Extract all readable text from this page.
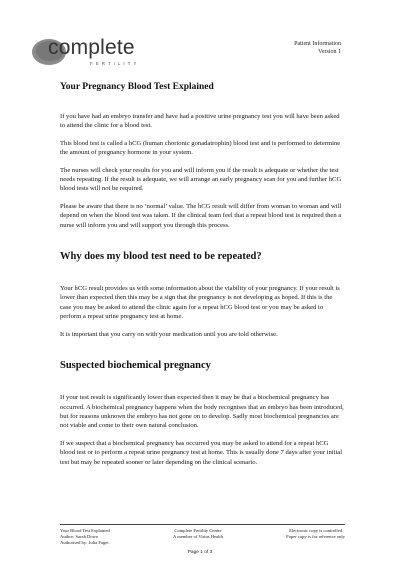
complete
FERTILITY
Patient Information
Version 1
Your Pregnancy Blood Test Explained

If you have had an embryo transfer and have had a positive urine pregnancy test you will have been asked to attend the clinic for a blood test.

This blood test is called a hCG (human chorionic gonadatrophin) blood test and is performed to determine the amount of pregnancy hormone in your system.

The nurses will check your results for you and will inform you if the result is adequate or whether the test needs repeating. If the result is adequate, we will arrange an early pregnancy scan for you and further hCG blood tests will not be required.

Please be aware that there is no ‘normal’ value. The hCG result will differ from woman to woman and will depend on when the blood test was taken. If the clinical team feel that a repeat blood test is required then a nurse will inform you and will support you through this process.

Why does my blood test need to be repeated?

Your hCG result provides us with some information about the viability of your pregnancy. If your result is lower than expected then this may be a sign that the pregnancy is not developing as hoped. If this is the case you may be asked to attend the clinic again for a repeat hCG blood test or you may be asked to perform a repeat urine pregnancy test at home.

It is important that you carry on with your medication until you are told otherwise.

Suspected biochemical pregnancy

If your test result is significantly lower than expected then it may be that a biochemical pregnancy has occurred. A biochemical pregnancy happens when the body recognises that an embryo has been introduced, but for reasons unknown the embryo has not gone on to develop. Sadly most biochemical pregnancies are not viable and come to their own natural conclusion.

If we suspect that a biochemical pregnancy has occurred you may be asked to attend for a repeat hCG blood test or to perform a repeat urine pregnancy test at home. This is usually done 7 days after your initial test but may be repeated sooner or later depending on the clinical scenario.

Your Blood Test Explained
Author: Sarah Dowe
Authorised by: Julia Paget
Complete Fertility Centre
A member of Virtus Health
Electronic copy is controlled
Paper copy is for reference only
Page 1 of 3
